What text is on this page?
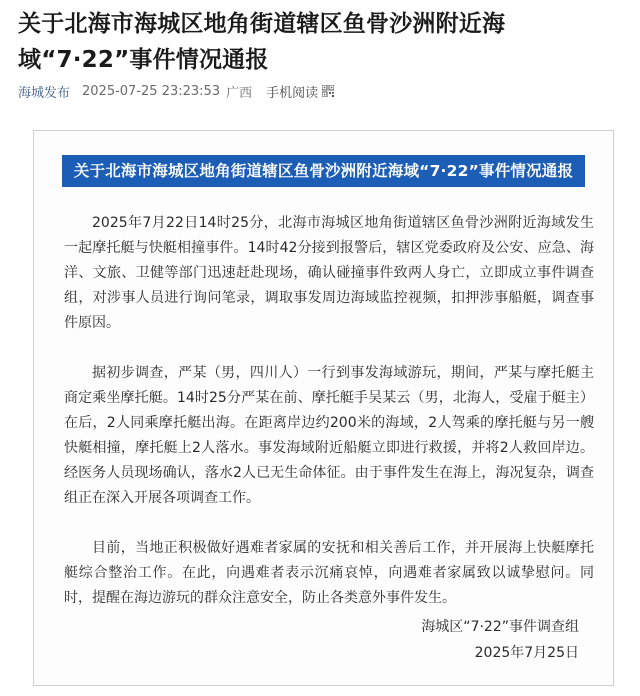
关于北海市海城区地角街道辖区鱼骨沙洲附近海域“7·22”事件情况通报
海城发布 2025-07-25 23:23:53 广西 手机阅读
关于北海市海城区地角街道辖区鱼骨沙洲附近海域“7·22”事件情况通报

2025年7月22日14时25分，北海市海城区地角街道辖区鱼骨沙洲附近海域发生一起摩托艇与快艇相撞事件。14时42分接到报警后，辖区党委政府及公安、应急、海洋、文旅、卫健等部门迅速赶赴现场，确认碰撞事件致两人身亡，立即成立事件调查组，对涉事人员进行询问笔录，调取事发周边海域监控视频，扣押涉事船艇，调查事件原因。

据初步调查，严某（男，四川人）一行到事发海域游玩，期间，严某与摩托艇主商定乘坐摩托艇。14时25分严某在前、摩托艇手吴某云（男，北海人，受雇于艇主）在后，2人同乘摩托艇出海。在距离岸边约200米的海域，2人驾乘的摩托艇与另一艘快艇相撞，摩托艇上2人落水。事发海域附近船艇立即进行救援，并将2人救回岸边。经医务人员现场确认，落水2人已无生命体征。由于事件发生在海上，海况复杂，调查组正在深入开展各项调查工作。

目前，当地正积极做好遇难者家属的安抚和相关善后工作，并开展海上快艇摩托艇综合整治工作。在此，向遇难者表示沉痛哀悼，向遇难者家属致以诚挚慰问。同时，提醒在海边游玩的群众注意安全，防止各类意外事件发生。

海城区“7·22”事件调查组
2025年7月25日
